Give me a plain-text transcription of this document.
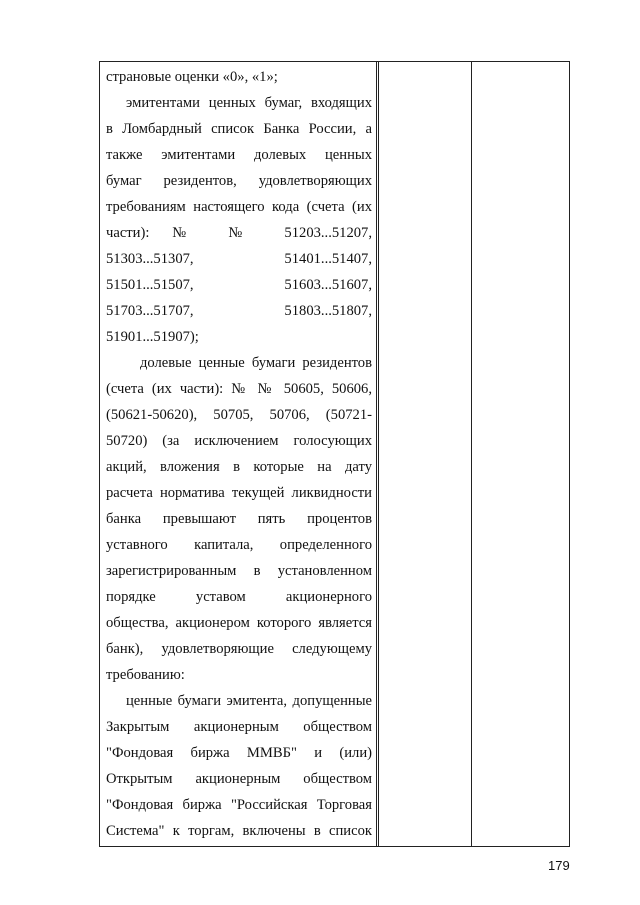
страновые оценки «0», «1»;
эмитентами ценных бумаг, входящих
в Ломбардный список Банка России, а
также эмитентами долевых ценных
бумаг резидентов, удовлетворяющих
требованиям настоящего кода (счета (их
части): № № 51203...51207,
51303...51307, 51401...51407,
51501...51507, 51603...51607,
51703...51707, 51803...51807,
51901...51907);
долевые ценные бумаги резидентов
(счета (их части): № № 50605, 50606,
(50621-50620), 50705, 50706, (50721-
50720) (за исключением голосующих
акций, вложения в которые на дату
расчета норматива текущей ликвидности
банка превышают пять процентов
уставного капитала, определенного
зарегистрированным в установленном
порядке уставом акционерного
общества, акционером которого является
банк), удовлетворяющие следующему
требованию:
ценные бумаги эмитента, допущенные
Закрытым акционерным обществом
"Фондовая биржа ММВБ" и (или)
Открытым акционерным обществом
"Фондовая биржа "Российская Торговая
Система" к торгам, включены в список
179
